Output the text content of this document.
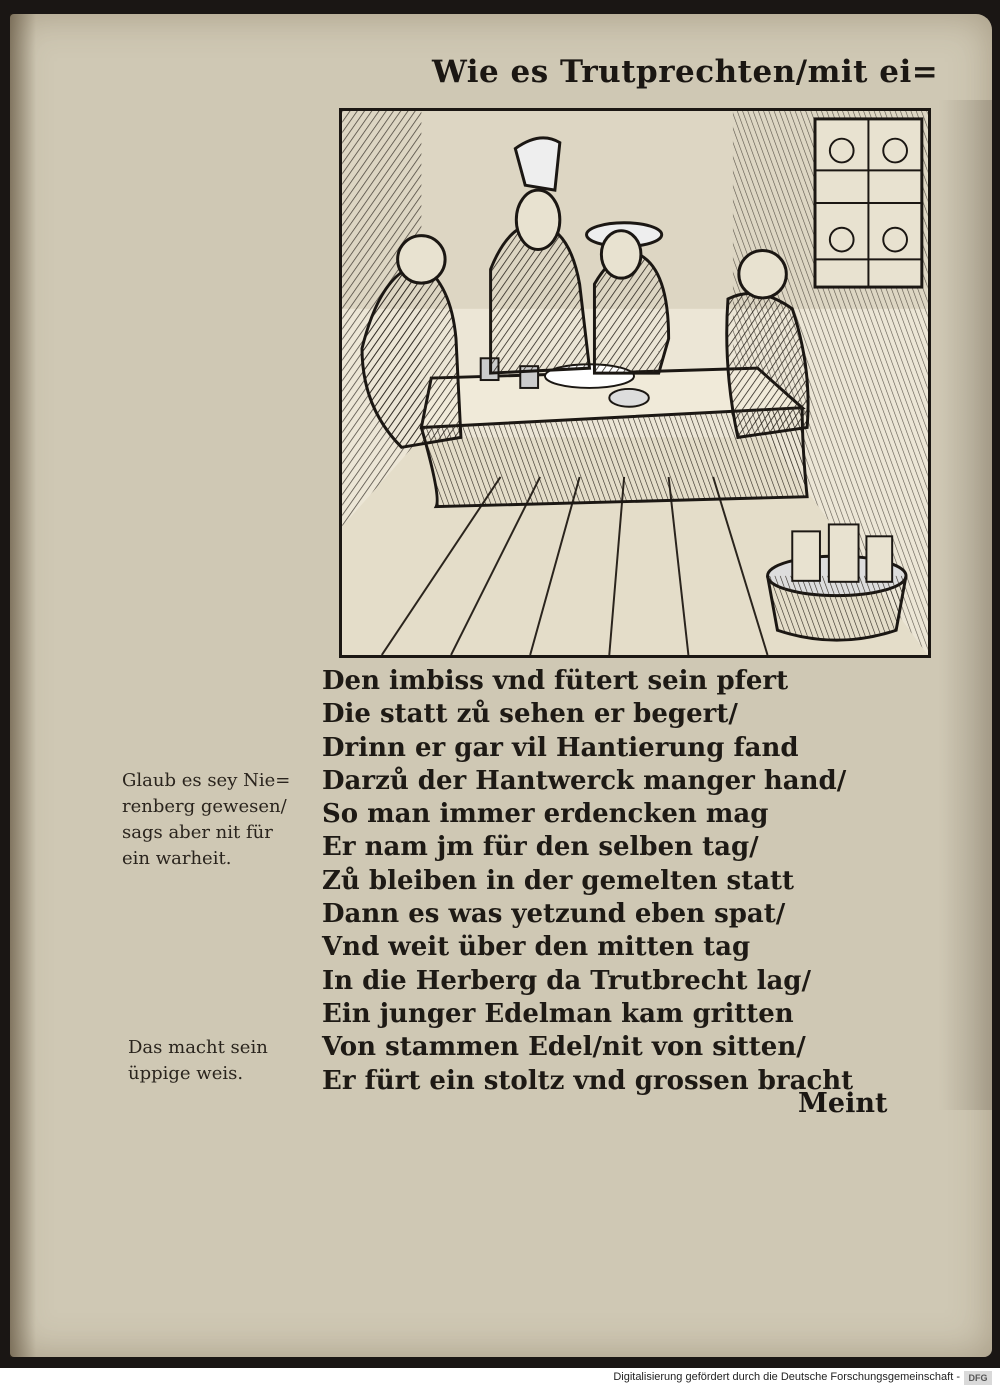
Wie es Trutprechten/mit ei=
Glaub es sey Nie=
renberg gewesen/
sags aber nit für
ein warheit.
Das macht sein
üppige weis.
Den imbiss vnd fütert sein pfert
Die statt zů sehen er begert/
Drinn er gar vil Hantierung fand
Darzů der Hantwerck manger hand/
So man immer erdencken mag
Er nam jm für den selben tag/
Zů bleiben in der gemelten statt
Dann es was yetzund eben spat/
Vnd weit über den mitten tag
In die Herberg da Trutbrecht lag/
Ein junger Edelman kam gritten
Von stammen Edel/nit von sitten/
Er fürt ein stoltz vnd grossen bracht
Meint
Digitalisierung gefördert durch die Deutsche Forschungsgemeinschaft - DFG
